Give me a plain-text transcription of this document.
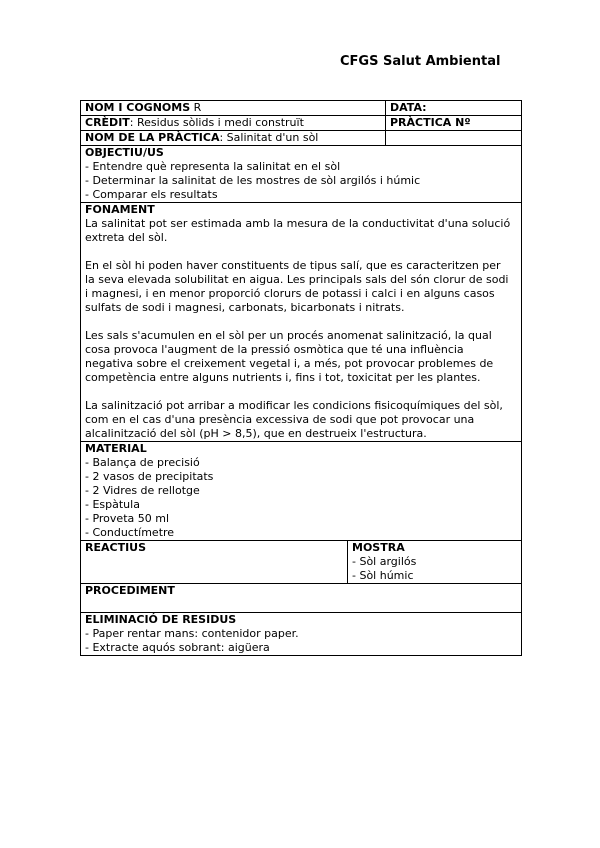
CFGS Salut Ambiental
NOM I COGNOMS R	DATA:
CRÈDIT: Residus sòlids i medi construït	PRÀCTICA Nº
NOM DE LA PRÀCTICA: Salinitat d'un sòl
OBJECTIU/US
- Entendre què representa la salinitat en el sòl
- Determinar la salinitat de les mostres de sòl argilós i húmic
- Comparar els resultats
FONAMENT

La salinitat pot ser estimada amb la mesura de la conductivitat d'una solució extreta del sòl.

En el sòl hi poden haver constituents de tipus salí, que es caracteritzen per la seva elevada solubilitat en aigua. Les principals sals del són clorur de sodi i magnesi, i en menor proporció clorurs de potassi i calci i en alguns casos sulfats de sodi i magnesi, carbonats, bicarbonats i nitrats.

Les sals s'acumulen en el sòl per un procés anomenat salinització, la qual cosa provoca l'augment de la pressió osmòtica que té una influència negativa sobre el creixement vegetal i, a més, pot provocar problemes de competència entre alguns nutrients i, fins i tot, toxicitat per les plantes.

La salinització pot arribar a modificar les condicions fisicoquímiques del sòl, com en el cas d'una presència excessiva de sodi que pot provocar una alcalinització del sòl (pH > 8,5), que en destrueix l'estructura.

MATERIAL
- Balança de precisió
- 2 vasos de precipitats
- 2 Vidres de rellotge
- Espàtula
- Proveta 50 ml
- Conductímetre
REACTIUS	MOSTRA
- Sòl argilós
- Sòl húmic
PROCEDIMENT
ELIMINACIÓ DE RESIDUS
- Paper rentar mans: contenidor paper.
- Extracte aquós sobrant: aigüera
